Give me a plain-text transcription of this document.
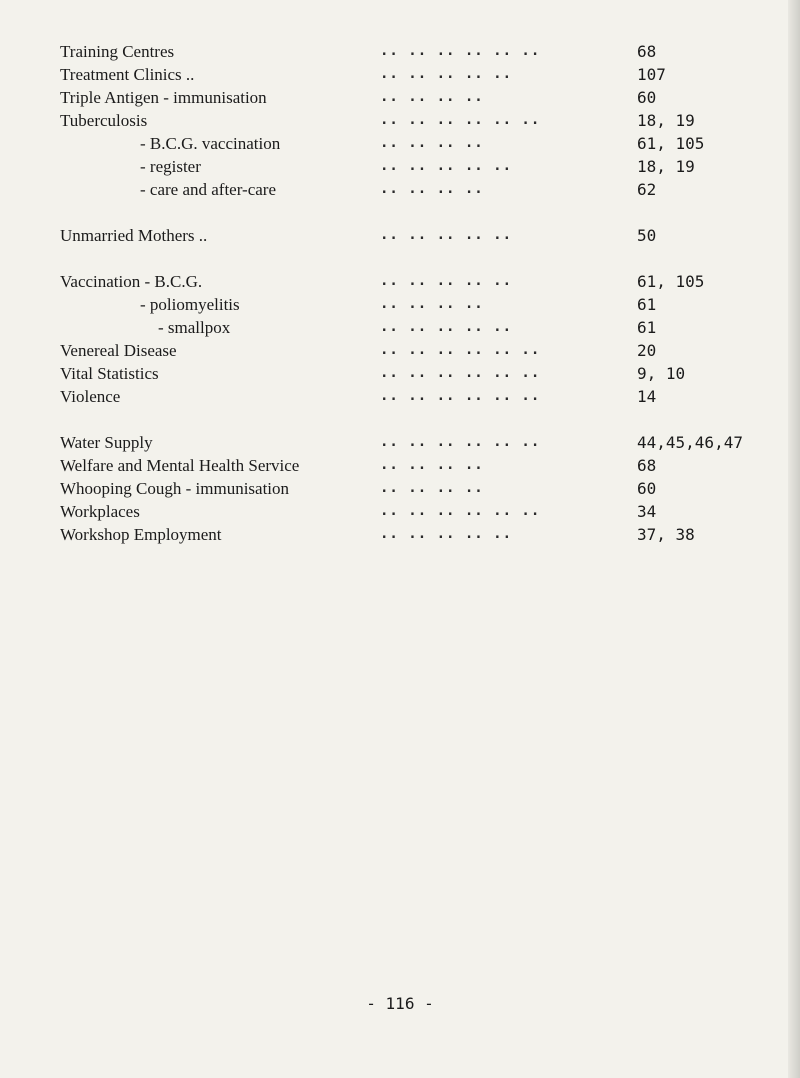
Training Centres	.. .. .. .. .. ..	68
Treatment Clinics ..	.. .. .. .. ..	107
Triple Antigen - immunisation	.. .. .. ..	60
Tuberculosis	.. .. .. .. .. ..	18, 19
- B.C.G. vaccination	.. .. .. ..	61, 105
- register	.. .. .. .. ..	18, 19
- care and after-care	.. .. .. ..	62
Unmarried Mothers ..	.. .. .. .. ..	50
Vaccination - B.C.G.	.. .. .. .. ..	61, 105
- poliomyelitis	.. .. .. ..	61
- smallpox	.. .. .. .. ..	61
Venereal Disease	.. .. .. .. .. ..	20
Vital Statistics	.. .. .. .. .. ..	9, 10
Violence	.. .. .. .. .. ..	14
Water Supply	.. .. .. .. .. ..	44,45,46,47
Welfare and Mental Health Service	.. .. .. ..	68
Whooping Cough - immunisation	.. .. .. ..	60
Workplaces	.. .. .. .. .. ..	34
Workshop Employment	.. .. .. .. ..	37, 38
- 116 -
